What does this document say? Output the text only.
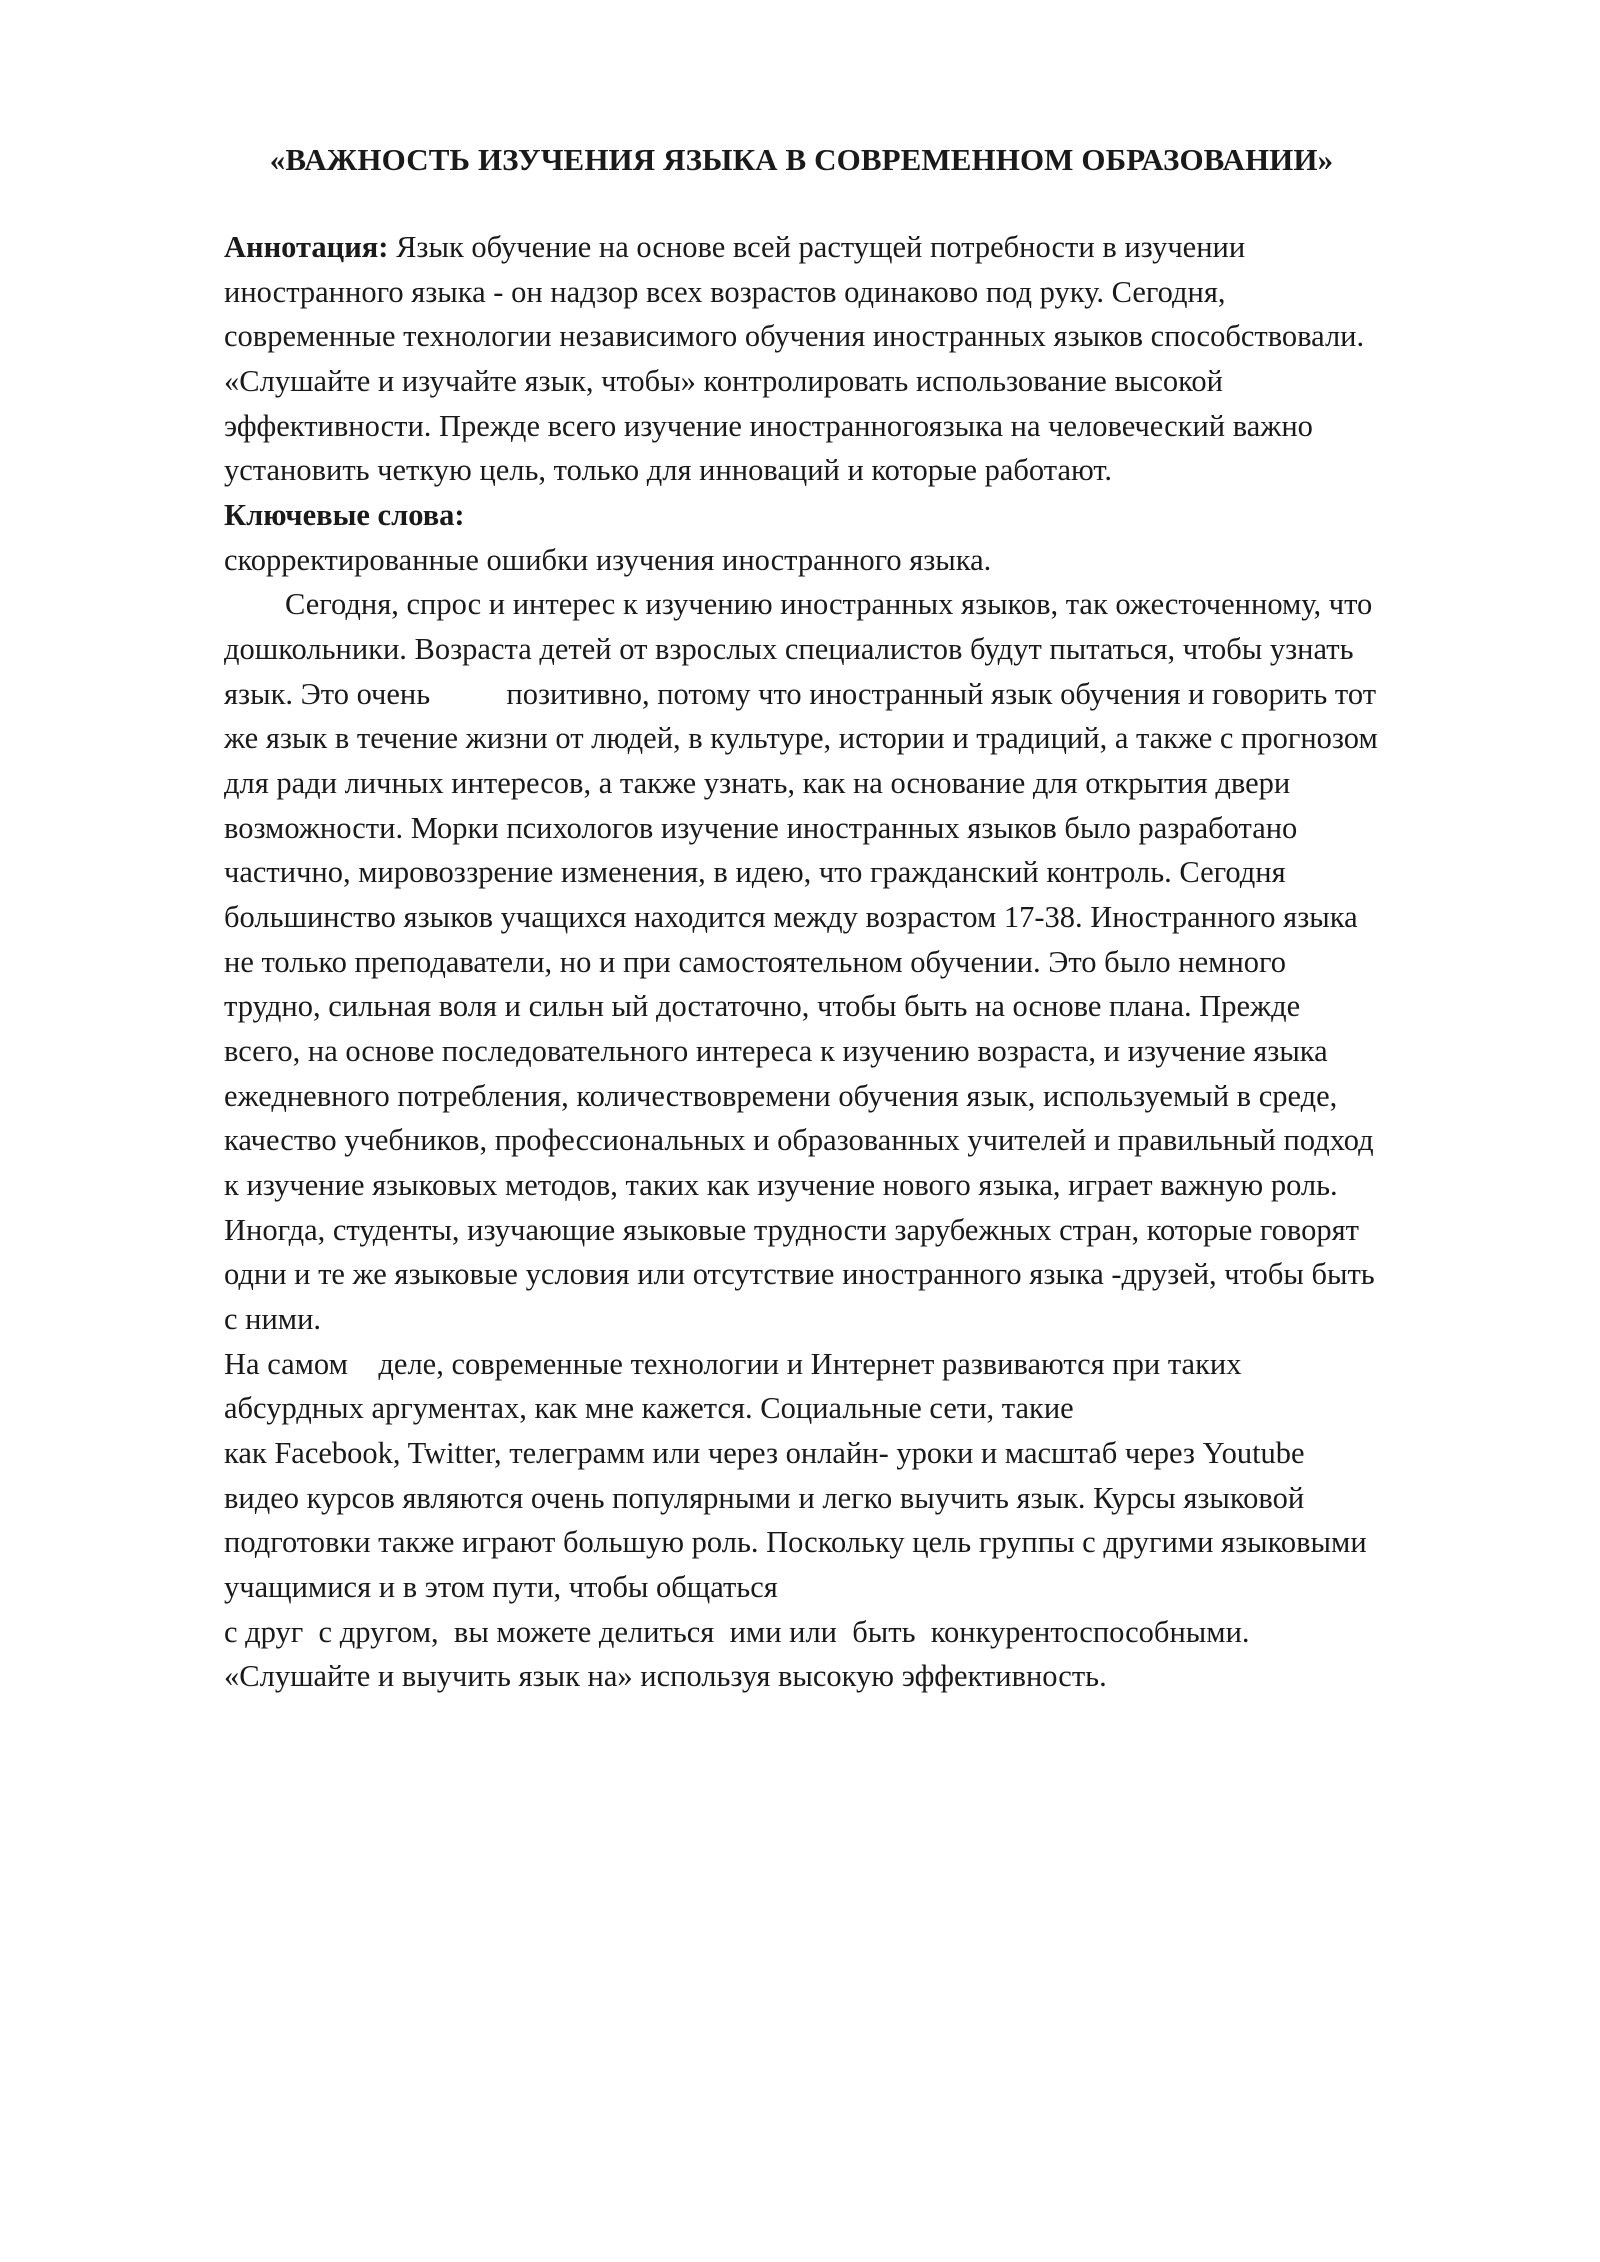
«ВАЖНОСТЬ ИЗУЧЕНИЯ ЯЗЫКА В СОВРЕМЕННОМ ОБРАЗОВАНИИ»

Аннотация: Язык обучение на основе всей растущей потребности в изучении иностранного языка - он надзор всех возрастов одинаково под руку. Сегодня, современные технологии независимого обучения иностранных языков способствовали. «Слушайте и изучайте язык, чтобы» контролировать использование высокой эффективности. Прежде всего изучение иностранногоязыка на человеческий важно установить четкую цель, только для инноваций и которые работают.

Ключевые слова:

скорректированные ошибки изучения иностранного языка.

Сегодня, спрос и интерес к изучению иностранных языков, так ожесточенному, что дошкольники. Возраста детей от взрослых специалистов будут пытаться, чтобы узнать язык. Это очень          позитивно, потому что иностранный язык обучения и говорить тот же язык в течение жизни от людей, в культуре, истории и традиций, а также с прогнозом для ради личных интересов, а также узнать, как на основание для открытия двери возможности. Морки психологов изучение иностранных языков было разработано частично, мировоззрение изменения, в идею, что гражданский контроль. Сегодня большинство языков учащихся находится между возрастом 17-38. Иностранного языка не только преподаватели, но и при самостоятельном обучении. Это было немного трудно, сильная воля и сильн ый достаточно, чтобы быть на основе плана. Прежде всего, на основе последовательного интереса к изучению возраста, и изучение языка ежедневного потребления, количествовремени обучения язык, используемый в среде, качество учебников, профессиональных и образованных учителей и правильный подход к изучение языковых методов, таких как изучение нового языка, играет важную роль. Иногда, студенты, изучающие языковые трудности зарубежных стран, которые говорят одни и те же языковые условия или отсутствие иностранного языка -друзей, чтобы быть с ними.

На самом    деле, современные технологии и Интернет развиваются при таких абсурдных аргументах, как мне кажется. Социальные сети, такие

как Facebook, Twitter, телеграмм или через онлайн- уроки и масштаб через Youtube видео курсов являются очень популярными и легко выучить язык. Курсы языковой подготовки также играют большую роль. Поскольку цель группы с другими языковыми учащимися и в этом пути, чтобы общаться

с друг  с другом,  вы можете делиться  ими или  быть  конкурентоспособными.

«Слушайте и выучить язык на» используя высокую эффективность.
